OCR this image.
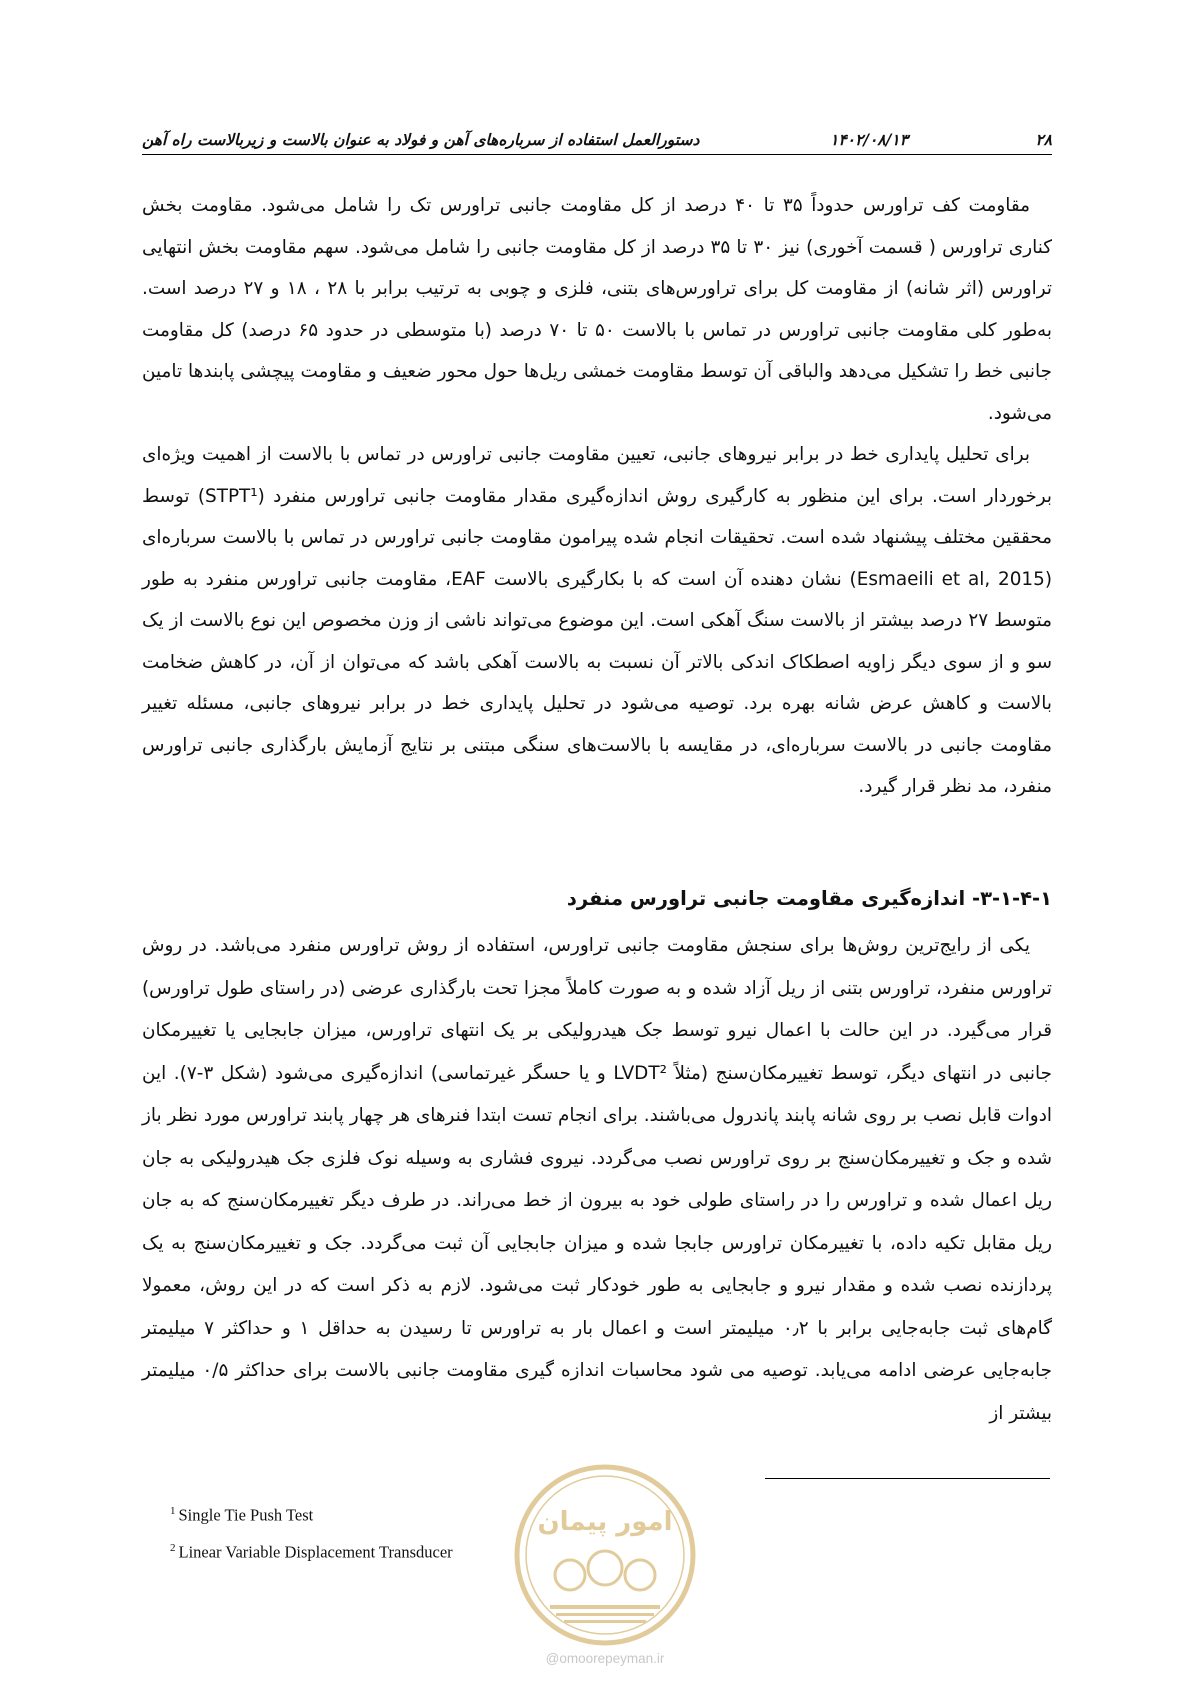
۲۸
۱۴۰۲/۰۸/۱۳
دستورالعمل استفاده از سرباره‌های آهن و فولاد به عنوان بالاست و زیربالاست راه آهن

مقاومت کف تراورس حدوداً ۳۵ تا ۴۰ درصد از کل مقاومت جانبی تراورس تک را شامل می‌شود. مقاومت بخش کناری تراورس ( قسمت آخوری) نیز ۳۰ تا ۳۵ درصد از کل مقاومت جانبی را شامل می‌شود. سهم مقاومت بخش انتهایی تراورس (اثر شانه) از مقاومت کل برای تراورس‌های بتنی، فلزی و چوبی به ترتیب برابر با ۲۸ ، ۱۸ و ۲۷ درصد است. به‌طور کلی مقاومت جانبی تراورس در تماس با بالاست ۵۰ تا ۷۰ درصد (با متوسطی در حدود ۶۵ درصد) کل مقاومت جانبی خط را تشکیل می‌دهد والباقی آن توسط مقاومت خمشی ریل‌ها حول محور ضعیف و مقاومت پیچشی پابندها تامین می‌شود.

برای تحلیل پایداری خط در برابر نیروهای جانبی، تعیین مقاومت جانبی تراورس در تماس با بالاست از اهمیت ویژه‌ای برخوردار است. برای این منظور به کارگیری روش اندازه‌گیری مقدار مقاومت جانبی تراورس منفرد (STPT¹) توسط محققین مختلف پیشنهاد شده است. تحقیقات انجام شده پیرامون مقاومت جانبی تراورس در تماس با بالاست سرباره‌ای (Esmaeili et al, 2015) نشان دهنده آن است که با بکارگیری بالاست EAF، مقاومت جانبی تراورس منفرد به طور متوسط ۲۷ درصد بیشتر از بالاست سنگ آهکی است. این موضوع می‌تواند ناشی از وزن مخصوص این نوع بالاست از یک سو و از سوی دیگر زاویه اصطکاک اندکی بالاتر آن نسبت به بالاست آهکی باشد که می‌توان از آن، در کاهش ضخامت بالاست و کاهش عرض شانه بهره برد. توصیه می‌شود در تحلیل پایداری خط در برابر نیروهای جانبی، مسئله تغییر مقاومت جانبی در بالاست سرباره‌ای، در مقایسه با بالاست‌های سنگی مبتنی بر نتایج آزمایش بارگذاری جانبی تراورس منفرد، مد نظر قرار گیرد.

۳-۱-۴-۱- اندازه‌گیری مقاومت جانبی تراورس منفرد

یکی از رایج‌ترین روش‌ها برای سنجش مقاومت جانبی تراورس، استفاده از روش تراورس منفرد می‌باشد. در روش تراورس منفرد، تراورس بتنی از ریل آزاد شده و به صورت کاملاً مجزا تحت بارگذاری عرضی (در راستای طول تراورس) قرار می‌گیرد. در این حالت با اعمال نیرو توسط جک هیدرولیکی بر یک انتهای تراورس، میزان جابجایی یا تغییرمکان جانبی در انتهای دیگر، توسط تغییرمکان‌سنج (مثلاً LVDT² و یا حسگر غیرتماسی) اندازه‌گیری می‌شود (شکل ۳-۷). این ادوات قابل نصب بر روی شانه پابند پاندرول می‌باشند. برای انجام تست ابتدا فنرهای هر چهار پابند تراورس مورد نظر باز شده و جک و تغییرمکان‌سنج بر روی تراورس نصب می‌گردد. نیروی فشاری به وسیله نوک فلزی جک هیدرولیکی به جان ریل اعمال شده و تراورس را در راستای طولی خود به بیرون از خط می‌راند. در طرف دیگر تغییرمکان‌سنج که به جان ریل مقابل تکیه داده، با تغییرمکان تراورس جابجا شده و میزان جابجایی آن ثبت می‌گردد. جک و تغییرمکان‌سنج به یک پردازنده نصب شده و مقدار نیرو و جابجایی به طور خودکار ثبت می‌شود. لازم به ذکر است که در این روش، معمولا گام‌های ثبت جابه‌جایی برابر با ۰٫۲ میلیمتر است و اعمال بار به تراورس تا رسیدن به حداقل ۱ و حداکثر ۷ میلیمتر جابه‌جایی عرضی ادامه می‌یابد. توصیه می شود محاسبات اندازه گیری مقاومت جانبی بالاست برای حداکثر ۰/۵ میلیمتر بیشتر از

$^1$ Single Tie Push Test
$^2$ Linear Variable Displacement Transducer
امور پیمان
@omoorepeyman.ir
